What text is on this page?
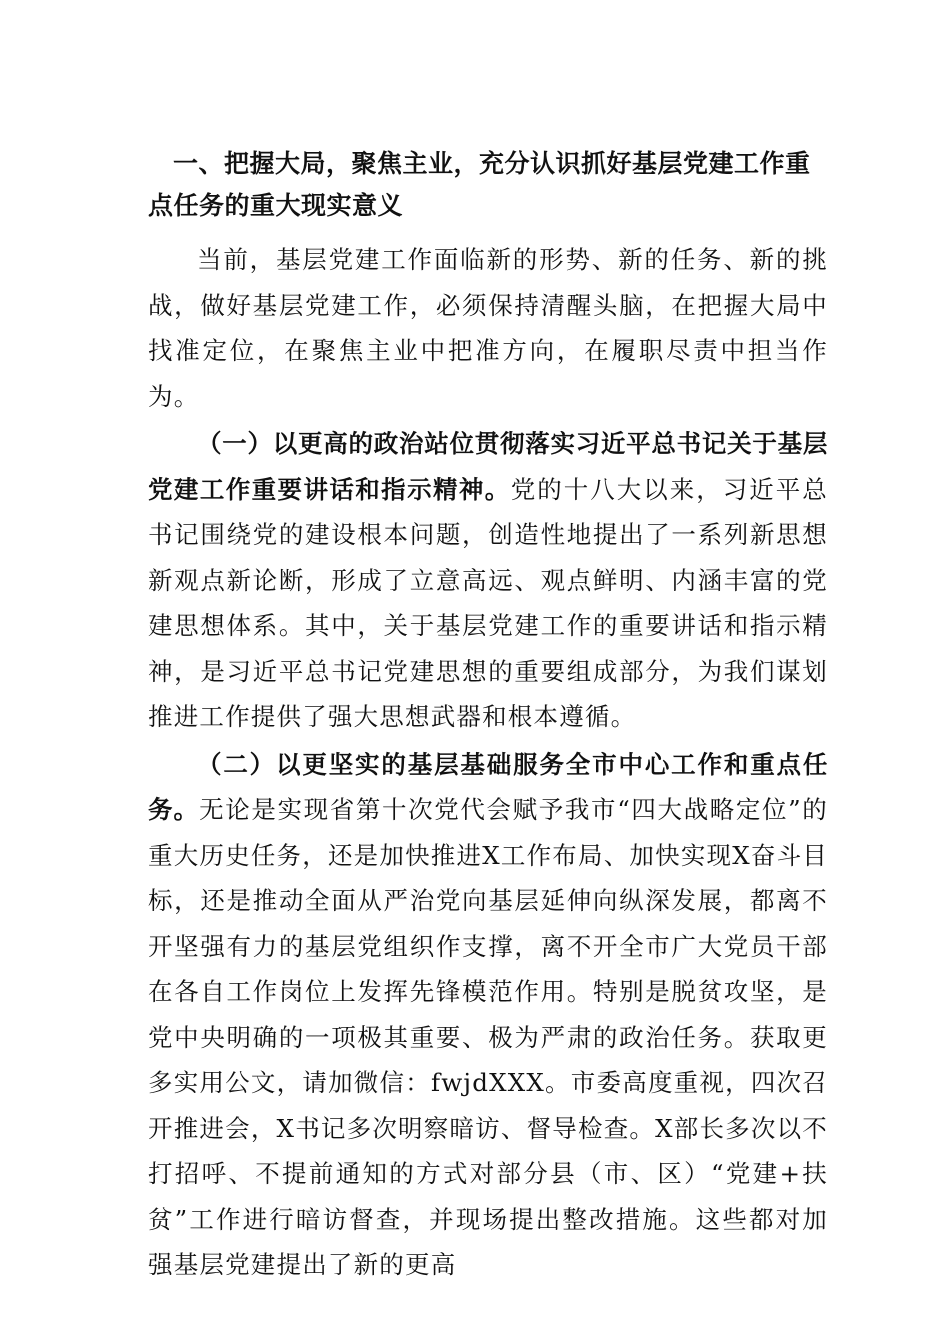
一、把握大局，聚焦主业，充分认识抓好基层党建工作重点任务的重大现实意义

当前，基层党建工作面临新的形势、新的任务、新的挑战，做好基层党建工作，必须保持清醒头脑，在把握大局中找准定位，在聚焦主业中把准方向，在履职尽责中担当作为。

（一）以更高的政治站位贯彻落实习近平总书记关于基层党建工作重要讲话和指示精神。党的十八大以来，习近平总书记围绕党的建设根本问题，创造性地提出了一系列新思想新观点新论断，形成了立意高远、观点鲜明、内涵丰富的党建思想体系。其中，关于基层党建工作的重要讲话和指示精神，是习近平总书记党建思想的重要组成部分，为我们谋划推进工作提供了强大思想武器和根本遵循。

（二）以更坚实的基层基础服务全市中心工作和重点任务。无论是实现省第十次党代会赋予我市“四大战略定位”的重大历史任务，还是加快推进X工作布局、加快实现X奋斗目标，还是推动全面从严治党向基层延伸向纵深发展，都离不开坚强有力的基层党组织作支撑，离不开全市广大党员干部在各自工作岗位上发挥先锋模范作用。特别是脱贫攻坚，是党中央明确的一项极其重要、极为严肃的政治任务。获取更多实用公文，请加微信：fwjdXXX。市委高度重视，四次召开推进会，X书记多次明察暗访、督导检查。X部长多次以不打招呼、不提前通知的方式对部分县（市、区）“党建+扶贫”工作进行暗访督查，并现场提出整改措施。这些都对加强基层党建提出了新的更高
